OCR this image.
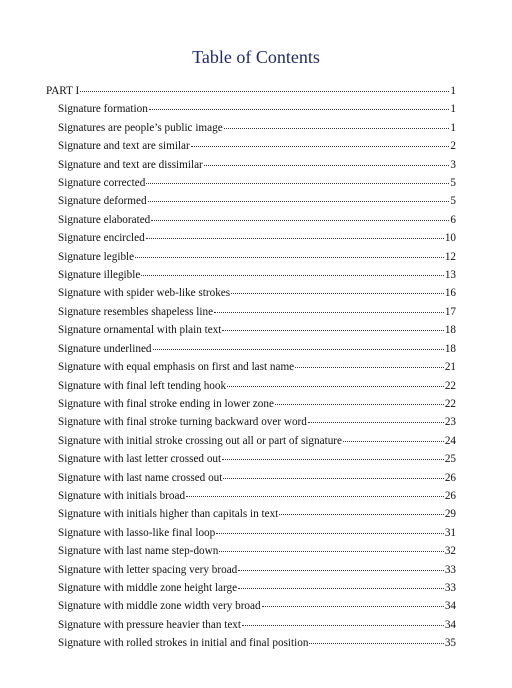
Table of Contents
PART I	1
Signature formation	1
Signatures are people’s public image	1
Signature and text are similar	2
Signature and text are dissimilar	3
Signature corrected	5
Signature deformed	5
Signature elaborated	6
Signature encircled	10
Signature legible	12
Signature illegible	13
Signature with spider web-like strokes	16
Signature resembles shapeless line	17
Signature ornamental with plain text	18
Signature underlined	18
Signature with equal emphasis on first and last name	21
Signature with final left tending hook	22
Signature with final stroke ending in lower zone	22
Signature with final stroke turning backward over word	23
Signature with initial stroke crossing out all or part of signature	24
Signature with last letter crossed out	25
Signature with last name crossed out	26
Signature with initials broad	26
Signature with initials higher than capitals in text	29
Signature with lasso-like final loop	31
Signature with last name step-down	32
Signature with letter spacing very broad	33
Signature with middle zone height large	33
Signature with middle zone width very broad	34
Signature with pressure heavier than text	34
Signature with rolled strokes in initial and final position	35
